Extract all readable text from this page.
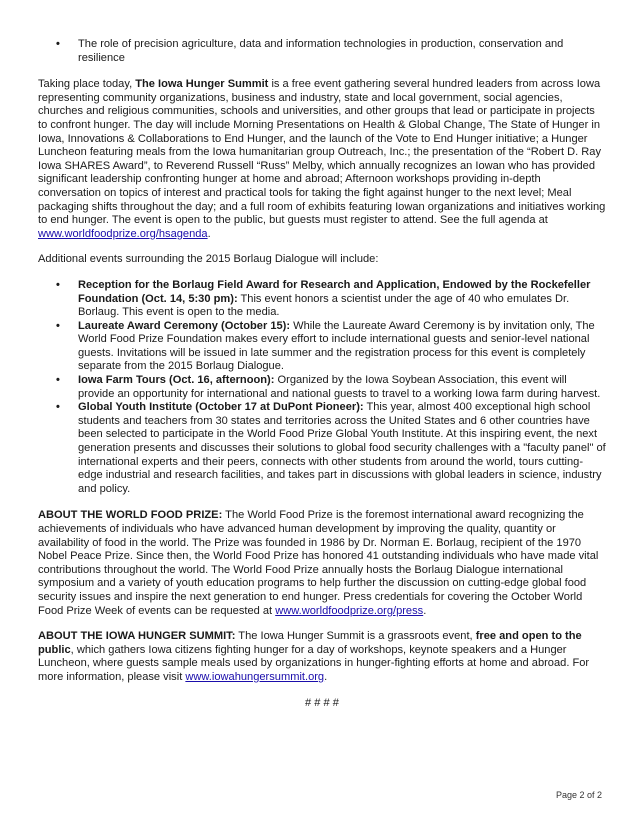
• The role of precision agriculture, data and information technologies in production, conservation and resilience

Taking place today, The Iowa Hunger Summit is a free event gathering several hundred leaders from across Iowa representing community organizations, business and industry, state and local government, social agencies, churches and religious communities, schools and universities, and other groups that lead or participate in projects to confront hunger. The day will include Morning Presentations on Health & Global Change, The State of Hunger in Iowa, Innovations & Collaborations to End Hunger, and the launch of the Vote to End Hunger initiative; a Hunger Luncheon featuring meals from the Iowa humanitarian group Outreach, Inc.; the presentation of the “Robert D. Ray Iowa SHARES Award”, to Reverend Russell “Russ” Melby, which annually recognizes an Iowan who has provided significant leadership confronting hunger at home and abroad; Afternoon workshops providing in-depth conversation on topics of interest and practical tools for taking the fight against hunger to the next level; Meal packaging shifts throughout the day; and a full room of exhibits featuring Iowan organizations and initiatives working to end hunger. The event is open to the public, but guests must register to attend. See the full agenda at www.worldfoodprize.org/hsagenda.

Additional events surrounding the 2015 Borlaug Dialogue will include:

• Reception for the Borlaug Field Award for Research and Application, Endowed by the Rockefeller Foundation (Oct. 14, 5:30 pm): This event honors a scientist under the age of 40 who emulates Dr. Borlaug. This event is open to the media.
• Laureate Award Ceremony (October 15): While the Laureate Award Ceremony is by invitation only, The World Food Prize Foundation makes every effort to include international guests and senior-level national guests. Invitations will be issued in late summer and the registration process for this event is completely separate from the 2015 Borlaug Dialogue.
• Iowa Farm Tours (Oct. 16, afternoon): Organized by the Iowa Soybean Association, this event will provide an opportunity for international and national guests to travel to a working Iowa farm during harvest.
• Global Youth Institute (October 17 at DuPont Pioneer): This year, almost 400 exceptional high school students and teachers from 30 states and territories across the United States and 6 other countries have been selected to participate in the World Food Prize Global Youth Institute. At this inspiring event, the next generation presents and discusses their solutions to global food security challenges with a "faculty panel" of international experts and their peers, connects with other students from around the world, tours cutting-edge industrial and research facilities, and takes part in discussions with global leaders in science, industry and policy.

ABOUT THE WORLD FOOD PRIZE: The World Food Prize is the foremost international award recognizing the achievements of individuals who have advanced human development by improving the quality, quantity or availability of food in the world. The Prize was founded in 1986 by Dr. Norman E. Borlaug, recipient of the 1970 Nobel Peace Prize. Since then, the World Food Prize has honored 41 outstanding individuals who have made vital contributions throughout the world. The World Food Prize annually hosts the Borlaug Dialogue international symposium and a variety of youth education programs to help further the discussion on cutting-edge global food security issues and inspire the next generation to end hunger. Press credentials for covering the October World Food Prize Week of events can be requested at www.worldfoodprize.org/press.

ABOUT THE IOWA HUNGER SUMMIT: The Iowa Hunger Summit is a grassroots event, free and open to the public, which gathers Iowa citizens fighting hunger for a day of workshops, keynote speakers and a Hunger Luncheon, where guests sample meals used by organizations in hunger-fighting efforts at home and abroad. For more information, please visit www.iowahungersummit.org.

# # # #

Page 2 of 2
